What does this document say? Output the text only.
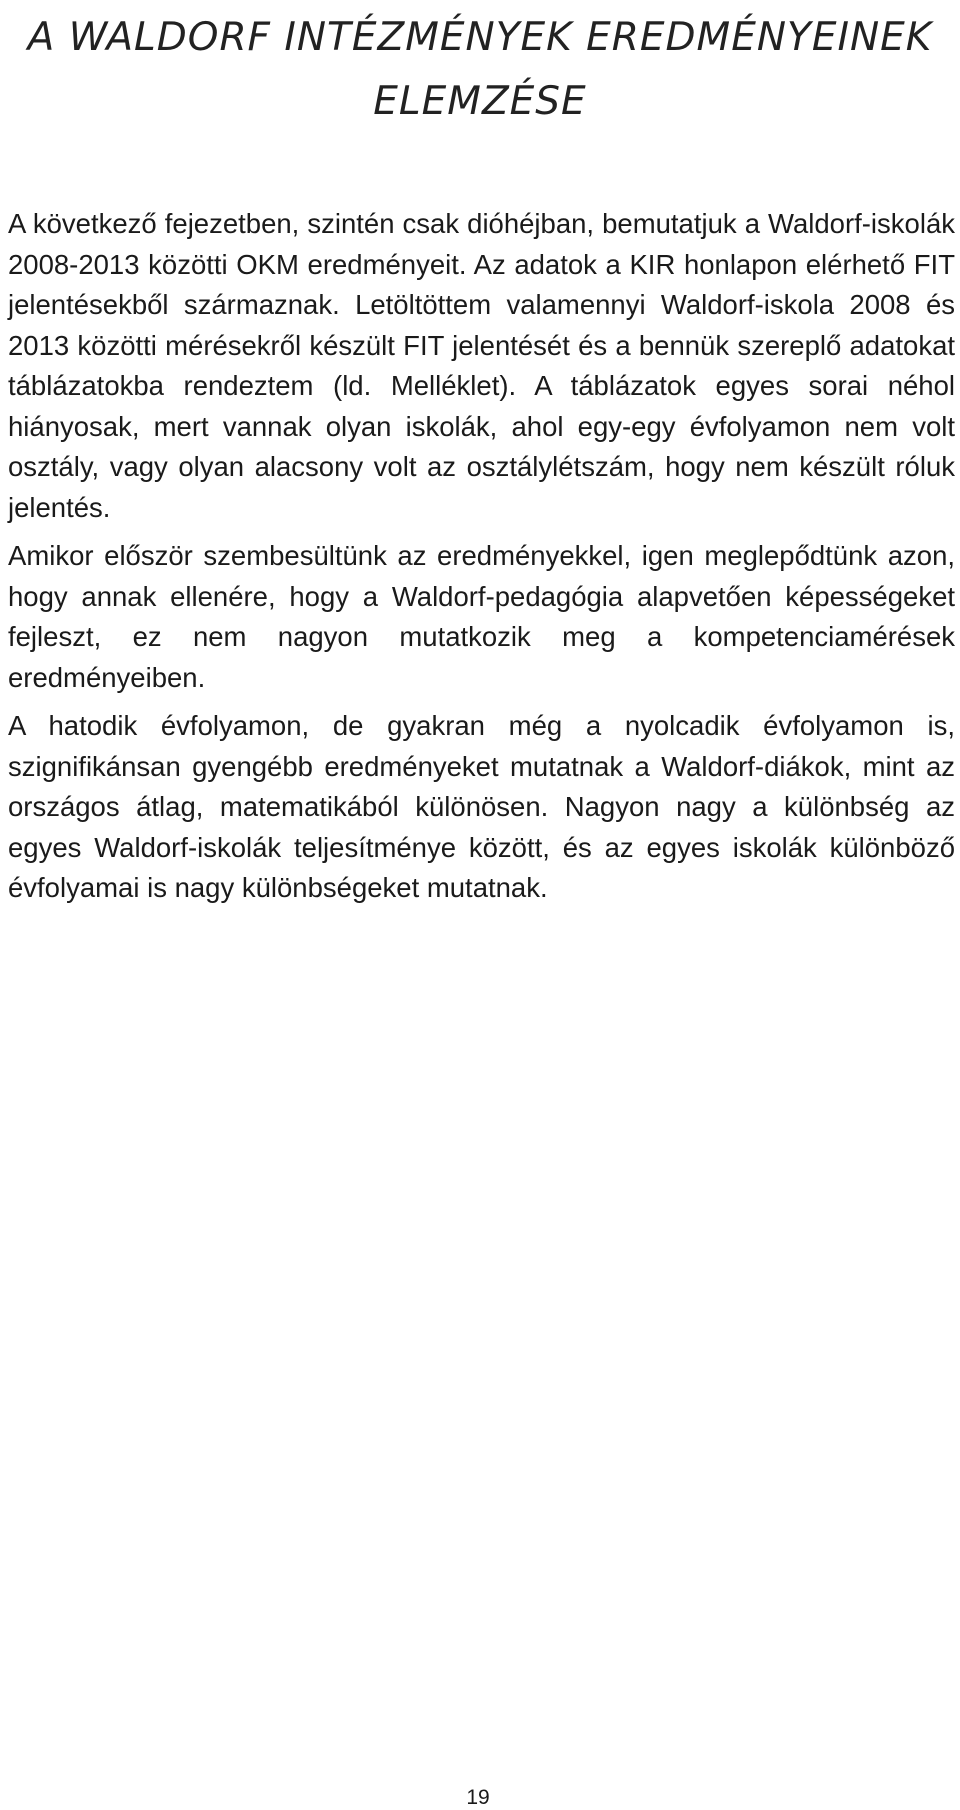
A WALDORF INTÉZMÉNYEK EREDMÉNYEINEK ELEMZÉSE

A következő fejezetben, szintén csak dióhéjban, bemutatjuk a Waldorf-iskolák 2008-2013 közötti OKM eredményeit. Az adatok a KIR honlapon elérhető FIT jelentésekből származnak. Letöltöttem valamennyi Waldorf-iskola 2008 és 2013 közötti mérésekről készült FIT jelentését és a bennük szereplő adatokat táblázatokba rendeztem (ld. Melléklet). A táblázatok egyes sorai néhol hiányosak, mert vannak olyan iskolák, ahol egy-egy évfolyamon nem volt osztály, vagy olyan alacsony volt az osztálylétszám, hogy nem készült róluk jelentés.

Amikor először szembesültünk az eredményekkel, igen meglepődtünk azon, hogy annak ellenére, hogy a Waldorf-pedagógia alapvetően képességeket fejleszt, ez nem nagyon mutatkozik meg a kompetenciamérések eredményeiben.

A hatodik évfolyamon, de gyakran még a nyolcadik évfolyamon is, szignifikánsan gyengébb eredményeket mutatnak a Waldorf-diákok, mint az országos átlag, matematikából különösen. Nagyon nagy a különbség az egyes Waldorf-iskolák teljesítménye között, és az egyes iskolák különböző évfolyamai is nagy különbségeket mutatnak.

19
